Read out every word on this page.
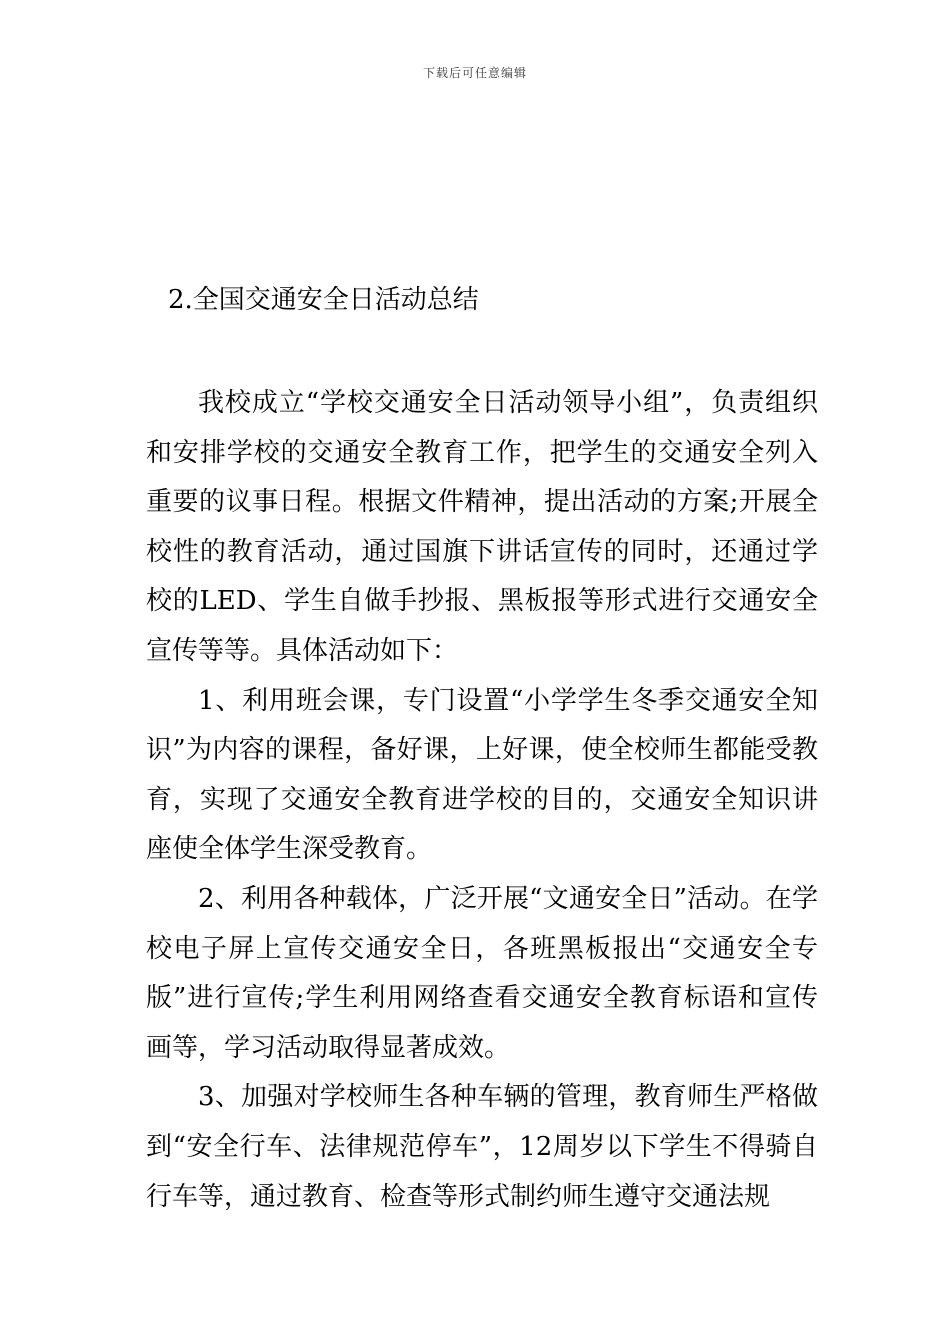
下载后可任意编辑
2.全国交通安全日活动总结

我校成立“学校交通安全日活动领导小组”，负责组织和安排学校的交通安全教育工作，把学生的交通安全列入重要的议事日程。根据文件精神，提出活动的方案;开展全校性的教育活动，通过国旗下讲话宣传的同时，还通过学校的LED、学生自做手抄报、黑板报等形式进行交通安全宣传等等。具体活动如下：

1、利用班会课，专门设置“小学学生冬季交通安全知识”为内容的课程，备好课，上好课，使全校师生都能受教育，实现了交通安全教育进学校的目的，交通安全知识讲座使全体学生深受教育。

2、利用各种载体，广泛开展“文通安全日”活动。在学校电子屏上宣传交通安全日，各班黑板报出“交通安全专版”进行宣传;学生利用网络查看交通安全教育标语和宣传画等，学习活动取得显著成效。

3、加强对学校师生各种车辆的管理，教育师生严格做到“安全行车、法律规范停车”，12周岁以下学生不得骑自行车等，通过教育、检查等形式制约师生遵守交通法规
